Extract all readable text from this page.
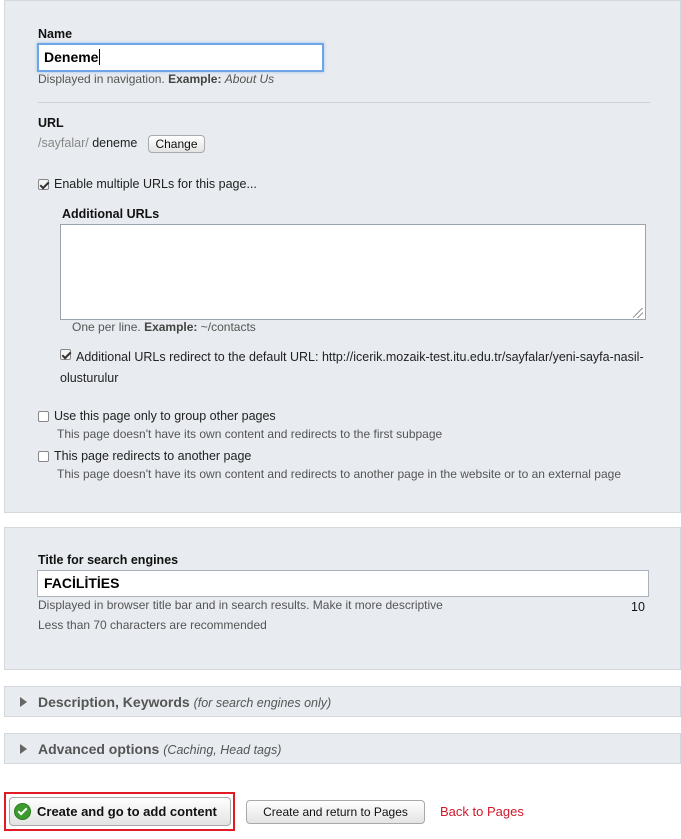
Name
Deneme
Displayed in navigation. Example: About Us
URL
/sayfalar/ deneme	Change
Enable multiple URLs for this page...
Additional URLs
One per line. Example: ~/contacts
Additional URLs redirect to the default URL: http://icerik.mozaik-test.itu.edu.tr/sayfalar/yeni-sayfa-nasil-olusturulur
Use this page only to group other pages
This page doesn't have its own content and redirects to the first subpage
This page redirects to another page
This page doesn't have its own content and redirects to another page in the website or to an external page
Title for search engines
FACİLİTİES
Displayed in browser title bar and in search results. Make it more descriptive	10
Less than 70 characters are recommended
Description, Keywords (for search engines only)
Advanced options (Caching, Head tags)
Create and go to add content	Create and return to Pages	Back to Pages
